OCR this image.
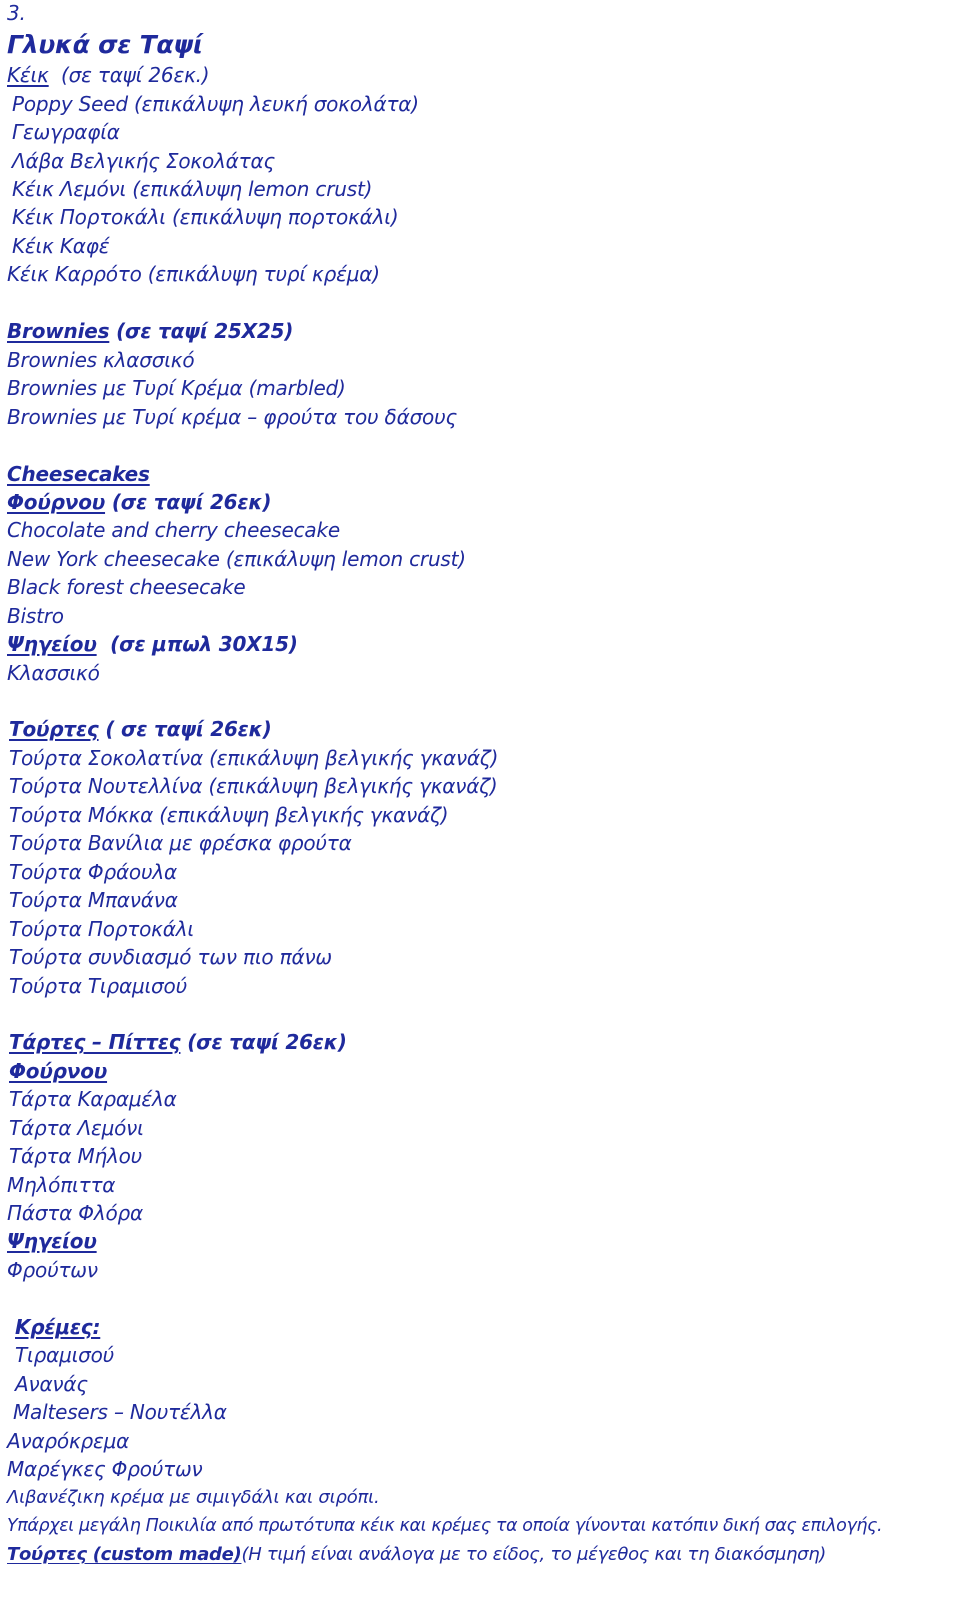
3.
Γλυκά σε Ταψί
Κέικ (σε ταψί 26εκ.)
Poppy Seed (επικάλυψη λευκή σοκολάτα)
Γεωγραφία
Λάβα Βελγικής Σοκολάτας
Κέικ Λεμόνι (επικάλυψη lemon crust)
Κέικ Πορτοκάλι (επικάλυψη πορτοκάλι)
Κέικ Καφέ
Κέικ Καρρότο (επικάλυψη τυρί κρέμα)
Brownies (σε ταψί 25Χ25)
Brownies κλασσικό
Brownies με Τυρί Κρέμα (marbled)
Brownies με Τυρί κρέμα – φρούτα του δάσους
Cheesecakes
Φούρνου (σε ταψί 26εκ)
Chocolate and cherry cheesecake
New York cheesecake (επικάλυψη lemon crust)
Black forest cheesecake
Bistro
Ψηγείου (σε μπωλ 30Χ15)
Κλασσικό
Τούρτες ( σε ταψί 26εκ)
Τούρτα Σοκολατίνα (επικάλυψη βελγικής γκανάζ)
Τούρτα Νουτελλίνα (επικάλυψη βελγικής γκανάζ)
Τούρτα Μόκκα (επικάλυψη βελγικής γκανάζ)
Τούρτα Βανίλια με φρέσκα φρούτα
Τούρτα Φράουλα
Τούρτα Μπανάνα
Τούρτα Πορτοκάλι
Τούρτα συνδιασμό των πιο πάνω
Τούρτα Τιραμισού
Τάρτες – Πίττες (σε ταψί 26εκ)
Φούρνου
Τάρτα Καραμέλα
Τάρτα Λεμόνι
Τάρτα Μήλου
Μηλόπιττα
Πάστα Φλόρα
Ψηγείου
Φρούτων
Κρέμες:
Τιραμισού
Ανανάς
Maltesers – Νουτέλλα
Αναρόκρεμα
Μαρέγκες Φρούτων
Λιβανέζικη κρέμα με σιμιγδάλι και σιρόπι.
Υπάρχει μεγάλη Ποικιλία από πρωτότυπα κέικ και κρέμες τα οποία γίνονται κατόπιν δική σας επιλογής.
Τούρτες (custom made)(Η τιμή είναι ανάλογα με το είδος, το μέγεθος και τη διακόσμηση)
